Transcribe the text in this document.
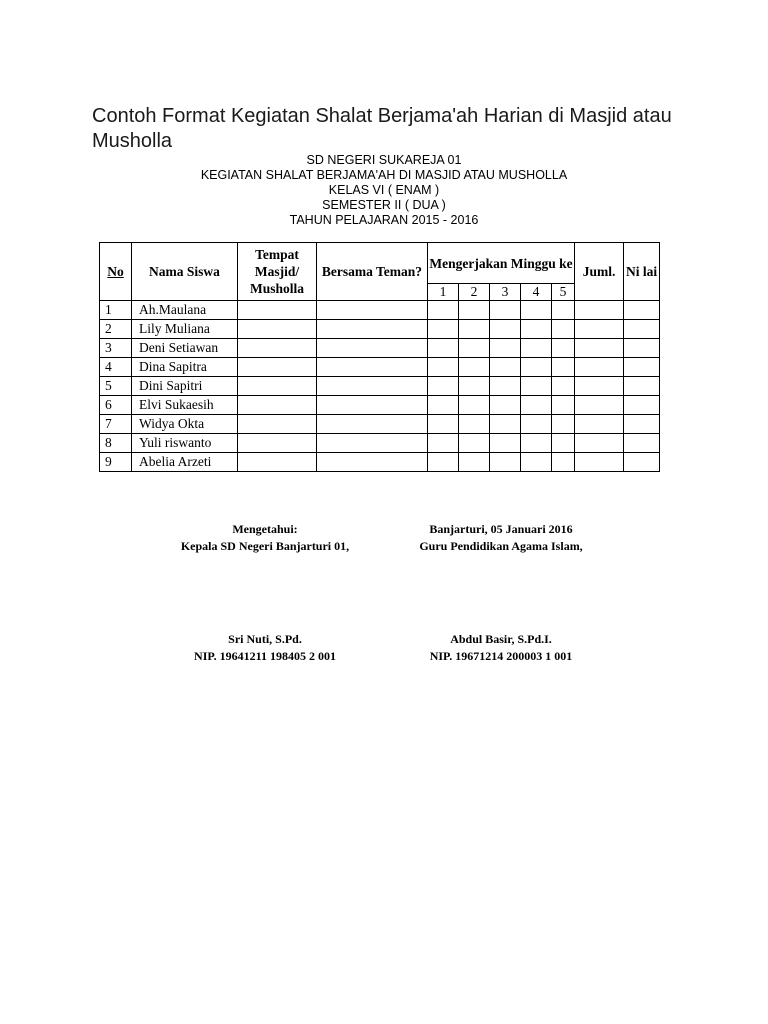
Contoh Format Kegiatan Shalat Berjama'ah Harian di Masjid atau Musholla
SD NEGERI SUKAREJA 01
KEGIATAN SHALAT BERJAMA'AH DI MASJID ATAU MUSHOLLA
KELAS VI ( ENAM )
SEMESTER II ( DUA )
TAHUN PELAJARAN 2015 - 2016
No	Nama Siswa	Tempat Masjid/ Musholla	Bersama Teman?	Mengerjakan Minggu ke					Juml.	Ni lai
				1	2	3	4	5		
1	Ah.Maulana									
2	Lily Muliana									
3	Deni Setiawan									
4	Dina Sapitra									
5	Dini Sapitri									
6	Elvi Sukaesih									
7	Widya Okta									
8	Yuli riswanto									
9	Abelia Arzeti									
Mengetahui:
Kepala SD Negeri Banjarturi 01,
Banjarturi, 05 Januari 2016
Guru Pendidikan Agama Islam,
Sri Nuti, S.Pd.
NIP. 19641211 198405 2 001
Abdul Basir, S.Pd.I.
NIP. 19671214 200003 1 001
